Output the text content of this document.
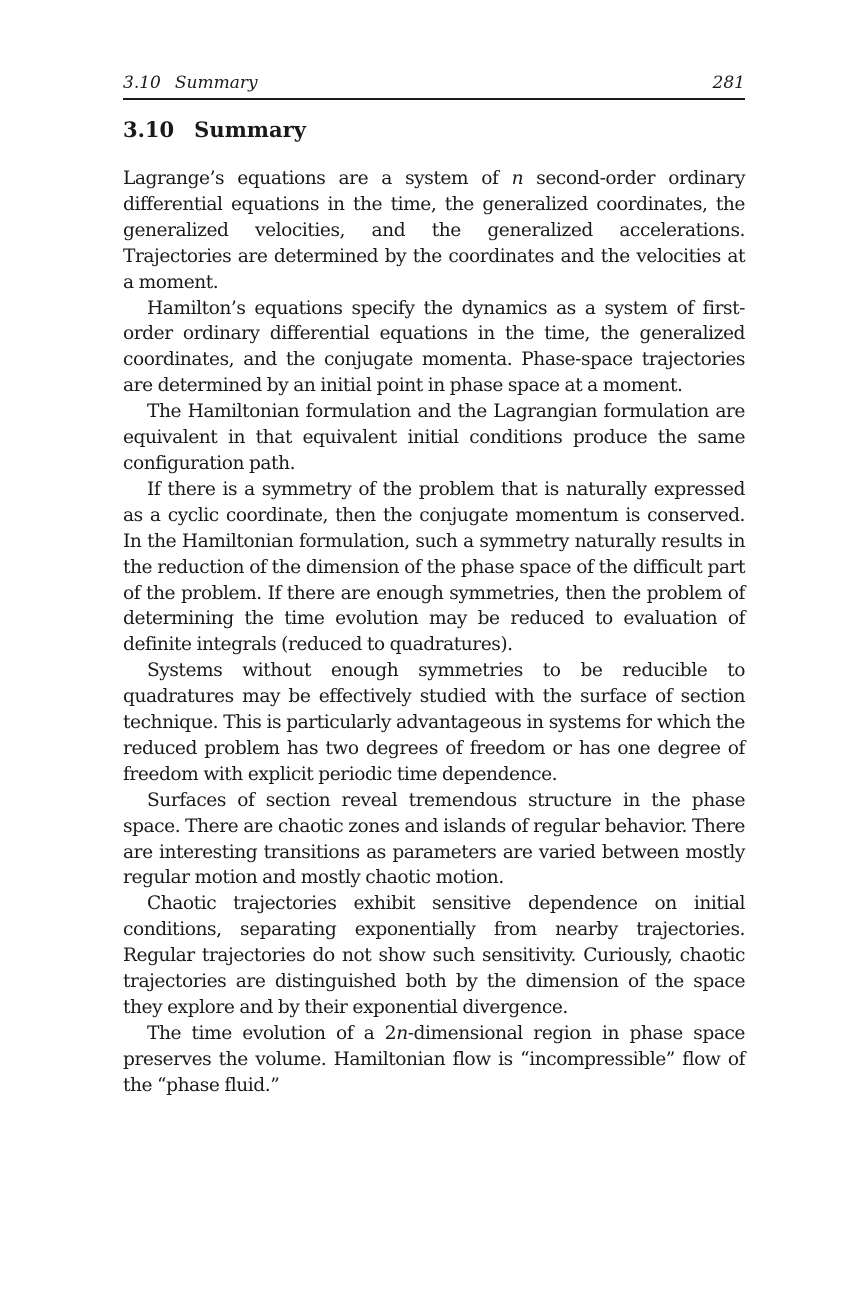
3.10 Summary	281
3.10 Summary

Lagrange’s equations are a system of n second-order ordinary differential equations in the time, the generalized coordinates, the generalized velocities, and the generalized accelerations. Trajectories are determined by the coordinates and the velocities at a moment.

Hamilton’s equations specify the dynamics as a system of first-order ordinary differential equations in the time, the generalized coordinates, and the conjugate momenta. Phase-space trajectories are determined by an initial point in phase space at a moment.

The Hamiltonian formulation and the Lagrangian formulation are equivalent in that equivalent initial conditions produce the same configuration path.

If there is a symmetry of the problem that is naturally expressed as a cyclic coordinate, then the conjugate momentum is conserved. In the Hamiltonian formulation, such a symmetry naturally results in the reduction of the dimension of the phase space of the difficult part of the problem. If there are enough symmetries, then the problem of determining the time evolution may be reduced to evaluation of definite integrals (reduced to quadratures).

Systems without enough symmetries to be reducible to quadratures may be effectively studied with the surface of section technique. This is particularly advantageous in systems for which the reduced problem has two degrees of freedom or has one degree of freedom with explicit periodic time dependence.

Surfaces of section reveal tremendous structure in the phase space. There are chaotic zones and islands of regular behavior. There are interesting transitions as parameters are varied between mostly regular motion and mostly chaotic motion.

Chaotic trajectories exhibit sensitive dependence on initial conditions, separating exponentially from nearby trajectories. Regular trajectories do not show such sensitivity. Curiously, chaotic trajectories are distinguished both by the dimension of the space they explore and by their exponential divergence.

The time evolution of a 2n-dimensional region in phase space preserves the volume. Hamiltonian flow is “incompressible” flow of the “phase fluid.”
